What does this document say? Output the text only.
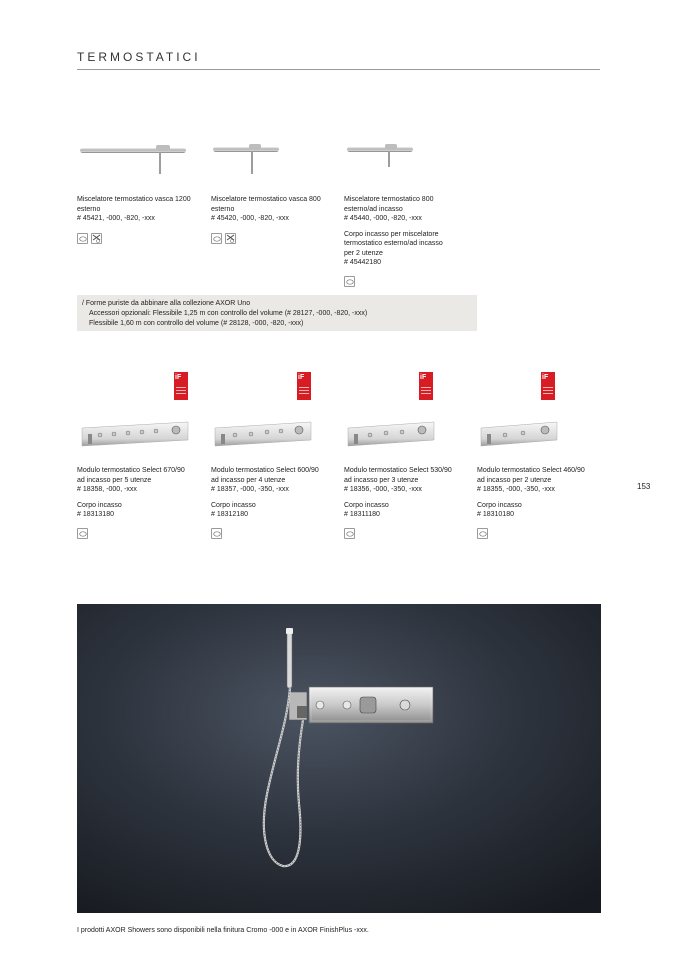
TERMOSTATICI
Miscelatore termostatico vasca 1200
esterno
# 45421, -000, -820, -xxx
Miscelatore termostatico vasca 800
esterno
# 45420, -000, -820, -xxx
Miscelatore termostatico 800
esterno/ad incasso
# 45440, -000, -820, -xxx
Corpo incasso per miscelatore
termostatico esterno/ad incasso
per 2 utenze
# 45442180
/ Forme puriste da abbinare alla collezione AXOR Uno
Accessori opzionali: Flessibile 1,25 m con controllo del volume (# 28127, -000, -820, -xxx)
Flessibile 1,60 m con controllo del volume (# 28128, -000, -820, -xxx)
iF	iF	iF	iF
Modulo termostatico Select 670/90
ad incasso per 5 utenze
# 18358, -000, -xxx
Corpo incasso
# 18313180
Modulo termostatico Select 600/90
ad incasso per 4 utenze
# 18357, -000, -350, -xxx
Corpo incasso
# 18312180
Modulo termostatico Select 530/90
ad incasso per 3 utenze
# 18356, -000, -350, -xxx
Corpo incasso
# 18311180
Modulo termostatico Select 460/90
ad incasso per 2 utenze
# 18355, -000, -350, -xxx
Corpo incasso
# 18310180
153
I prodotti AXOR Showers sono disponibili nella finitura Cromo -000 e in AXOR FinishPlus -xxx.
